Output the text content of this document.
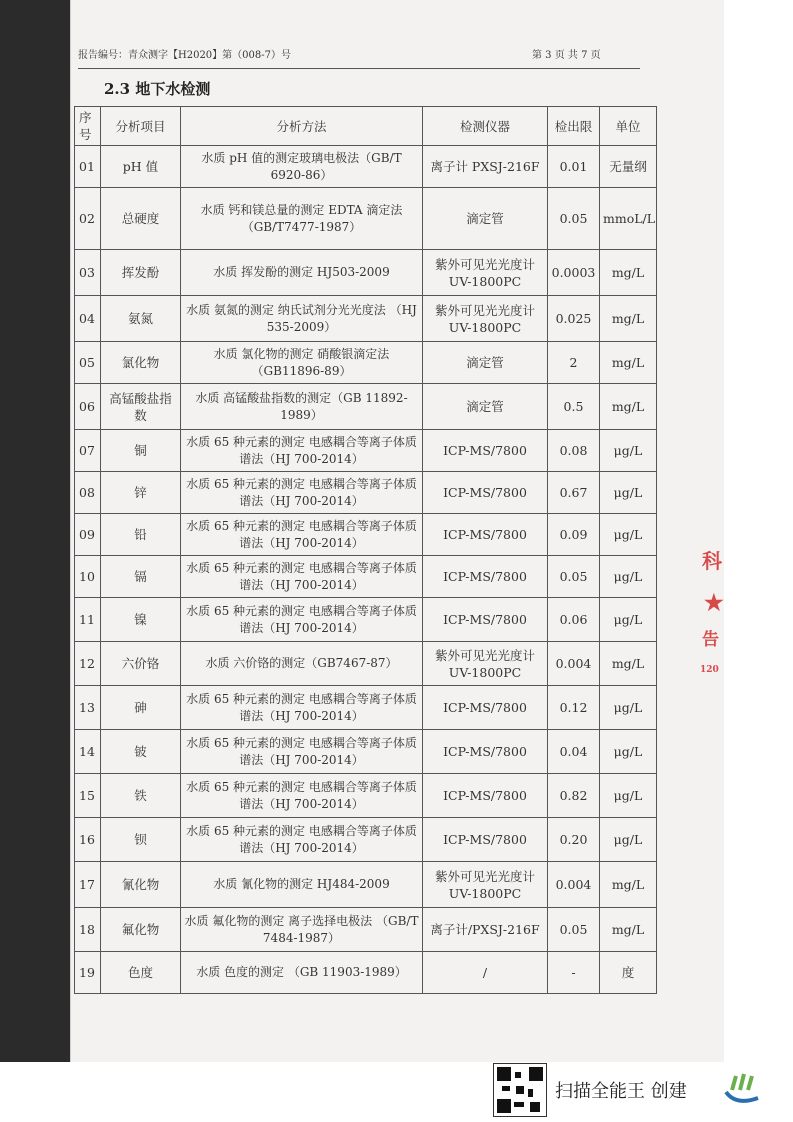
报告编号：青众测字【H2020】第（008-7）号	第 3 页 共 7 页
2.3 地下水检测
序号	分析项目	分析方法	检测仪器	检出限	单位
01	pH 值	水质 pH 值的测定玻璃电极法（GB/T 6920-86）	离子计 PXSJ-216F	0.01	无量纲
02	总硬度	水质 钙和镁总量的测定 EDTA 滴定法（GB/T7477-1987）	滴定管	0.05	mmoL/L
03	挥发酚	水质 挥发酚的测定 HJ503-2009	紫外可见光光度计 UV-1800PC	0.0003	mg/L
04	氨氮	水质 氨氮的测定 纳氏试剂分光光度法 （HJ 535-2009）	紫外可见光光度计 UV-1800PC	0.025	mg/L
05	氯化物	水质 氯化物的测定 硝酸银滴定法（GB11896-89）	滴定管	2	mg/L
06	高锰酸盐指数	水质 高锰酸盐指数的测定（GB 11892-1989）	滴定管	0.5	mg/L
07	铜	水质 65 种元素的测定 电感耦合等离子体质谱法（HJ 700-2014）	ICP-MS/7800	0.08	μg/L
08	锌	水质 65 种元素的测定 电感耦合等离子体质谱法（HJ 700-2014）	ICP-MS/7800	0.67	μg/L
09	铅	水质 65 种元素的测定 电感耦合等离子体质谱法（HJ 700-2014）	ICP-MS/7800	0.09	μg/L
10	镉	水质 65 种元素的测定 电感耦合等离子体质谱法（HJ 700-2014）	ICP-MS/7800	0.05	μg/L
11	镍	水质 65 种元素的测定 电感耦合等离子体质谱法（HJ 700-2014）	ICP-MS/7800	0.06	μg/L
12	六价铬	水质 六价铬的测定（GB7467-87）	紫外可见光光度计 UV-1800PC	0.004	mg/L
13	砷	水质 65 种元素的测定 电感耦合等离子体质谱法（HJ 700-2014）	ICP-MS/7800	0.12	μg/L
14	铍	水质 65 种元素的测定 电感耦合等离子体质谱法（HJ 700-2014）	ICP-MS/7800	0.04	μg/L
15	铁	水质 65 种元素的测定 电感耦合等离子体质谱法（HJ 700-2014）	ICP-MS/7800	0.82	μg/L
16	钡	水质 65 种元素的测定 电感耦合等离子体质谱法（HJ 700-2014）	ICP-MS/7800	0.20	μg/L
17	氰化物	水质 氰化物的测定 HJ484-2009	紫外可见光光度计 UV-1800PC	0.004	mg/L
18	氟化物	水质 氟化物的测定 离子选择电极法 （GB/T 7484-1987）	离子计/PXSJ-216F	0.05	mg/L
19	色度	水质 色度的测定 （GB 11903-1989）	/	-	度
科
★
告
120
扫描全能王 创建
